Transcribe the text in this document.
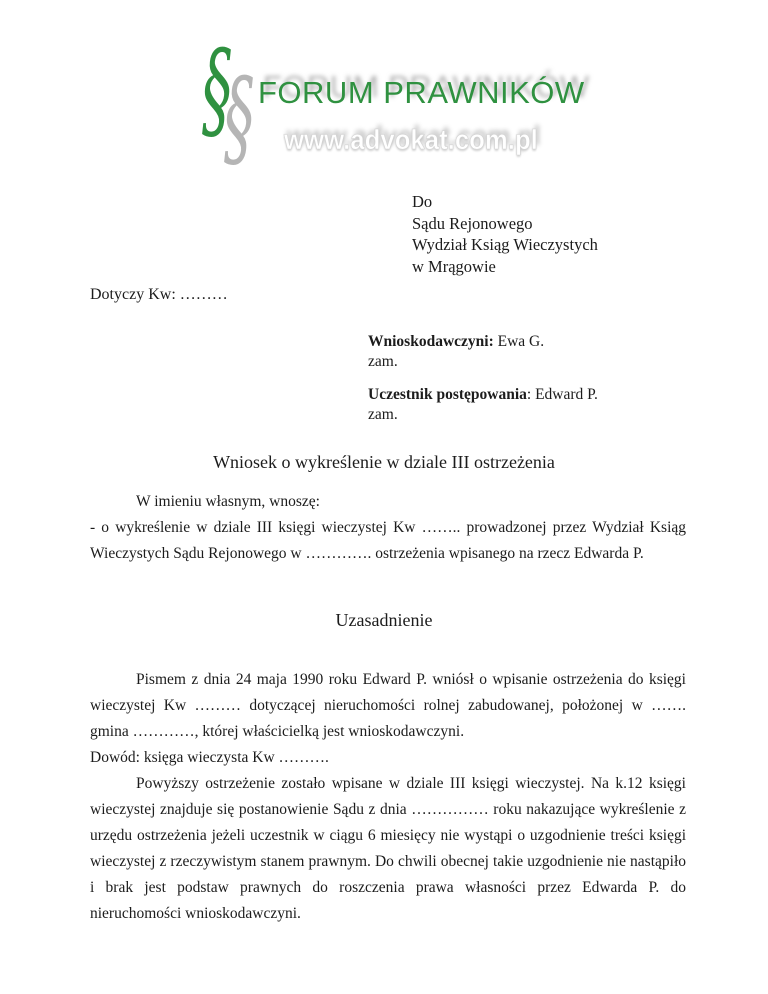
§
§ FORUM PRAWNIKÓW
www.advokat.com.pl
Do
Sądu Rejonowego
Wydział Ksiąg Wieczystych
w Mrągowie
Dotyczy Kw: ………
Wnioskodawczyni: Ewa G.
zam.
Uczestnik postępowania: Edward P.
zam.
Wniosek o wykreślenie w dziale III ostrzeżenia

W imieniu własnym, wnoszę:

- o wykreślenie w dziale III księgi wieczystej Kw …….. prowadzonej przez Wydział Ksiąg Wieczystych Sądu Rejonowego w …………. ostrzeżenia wpisanego na rzecz Edwarda P.

Uzasadnienie

Pismem z dnia 24 maja 1990 roku Edward P. wniósł o wpisanie ostrzeżenia do księgi wieczystej Kw ……… dotyczącej nieruchomości rolnej zabudowanej, położonej w ……. gmina …………, której właścicielką jest wnioskodawczyni.

Dowód: księga wieczysta Kw ……….

Powyższy ostrzeżenie zostało wpisane w dziale III księgi wieczystej. Na k.12 księgi wieczystej znajduje się postanowienie Sądu z dnia …………… roku nakazujące wykreślenie z urzędu ostrzeżenia jeżeli uczestnik w ciągu 6 miesięcy nie wystąpi o uzgodnienie treści księgi wieczystej z rzeczywistym stanem prawnym. Do chwili obecnej takie uzgodnienie nie nastąpiło i brak jest podstaw prawnych do roszczenia prawa własności przez Edwarda P. do nieruchomości wnioskodawczyni.
